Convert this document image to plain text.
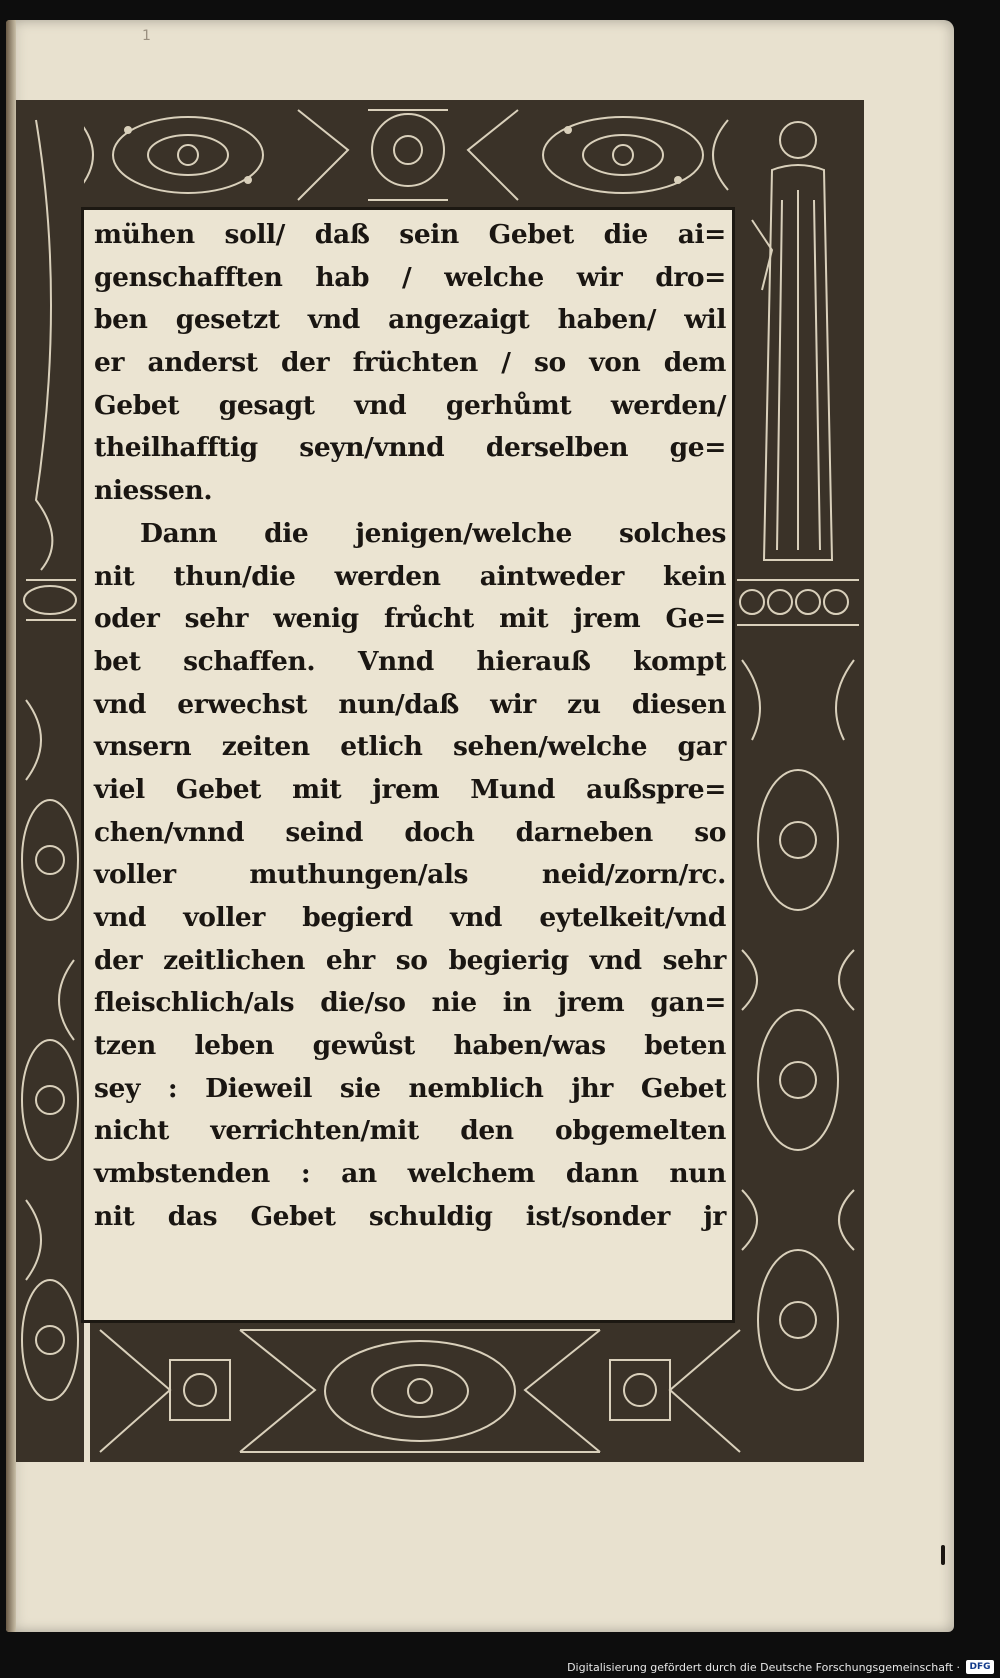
1
mühen soll/ daß sein Gebet die ai=
genschafften hab / welche wir dro=
ben gesetzt vnd angezaigt haben/ wil
er anderst der früchten / so von dem
Gebet gesagt vnd gerhůmt werden/
theilhafftig seyn/vnnd derselben ge=
niessen.
Dann die jenigen/welche solches
nit thun/die werden aintweder kein
oder sehr wenig frůcht mit jrem Ge=
bet schaffen. Vnnd hierauß kompt
vnd erwechst nun/daß wir zu diesen
vnsern zeiten etlich sehen/welche gar
viel Gebet mit jrem Mund außspre=
chen/vnnd seind doch darneben so
voller muthungen/als neid/zorn/rc.
vnd voller begierd vnd eytelkeit/vnd
der zeitlichen ehr so begierig vnd sehr
fleischlich/als die/so nie in jrem gan=
tzen leben gewůst haben/was beten
sey : Dieweil sie nemblich jhr Gebet
nicht verrichten/mit den obgemelten
vmbstenden : an welchem dann nun
nit das Gebet schuldig ist/sonder jr
Digitalisierung gefördert durch die Deutsche Forschungsgemeinschaft ·	DFG
